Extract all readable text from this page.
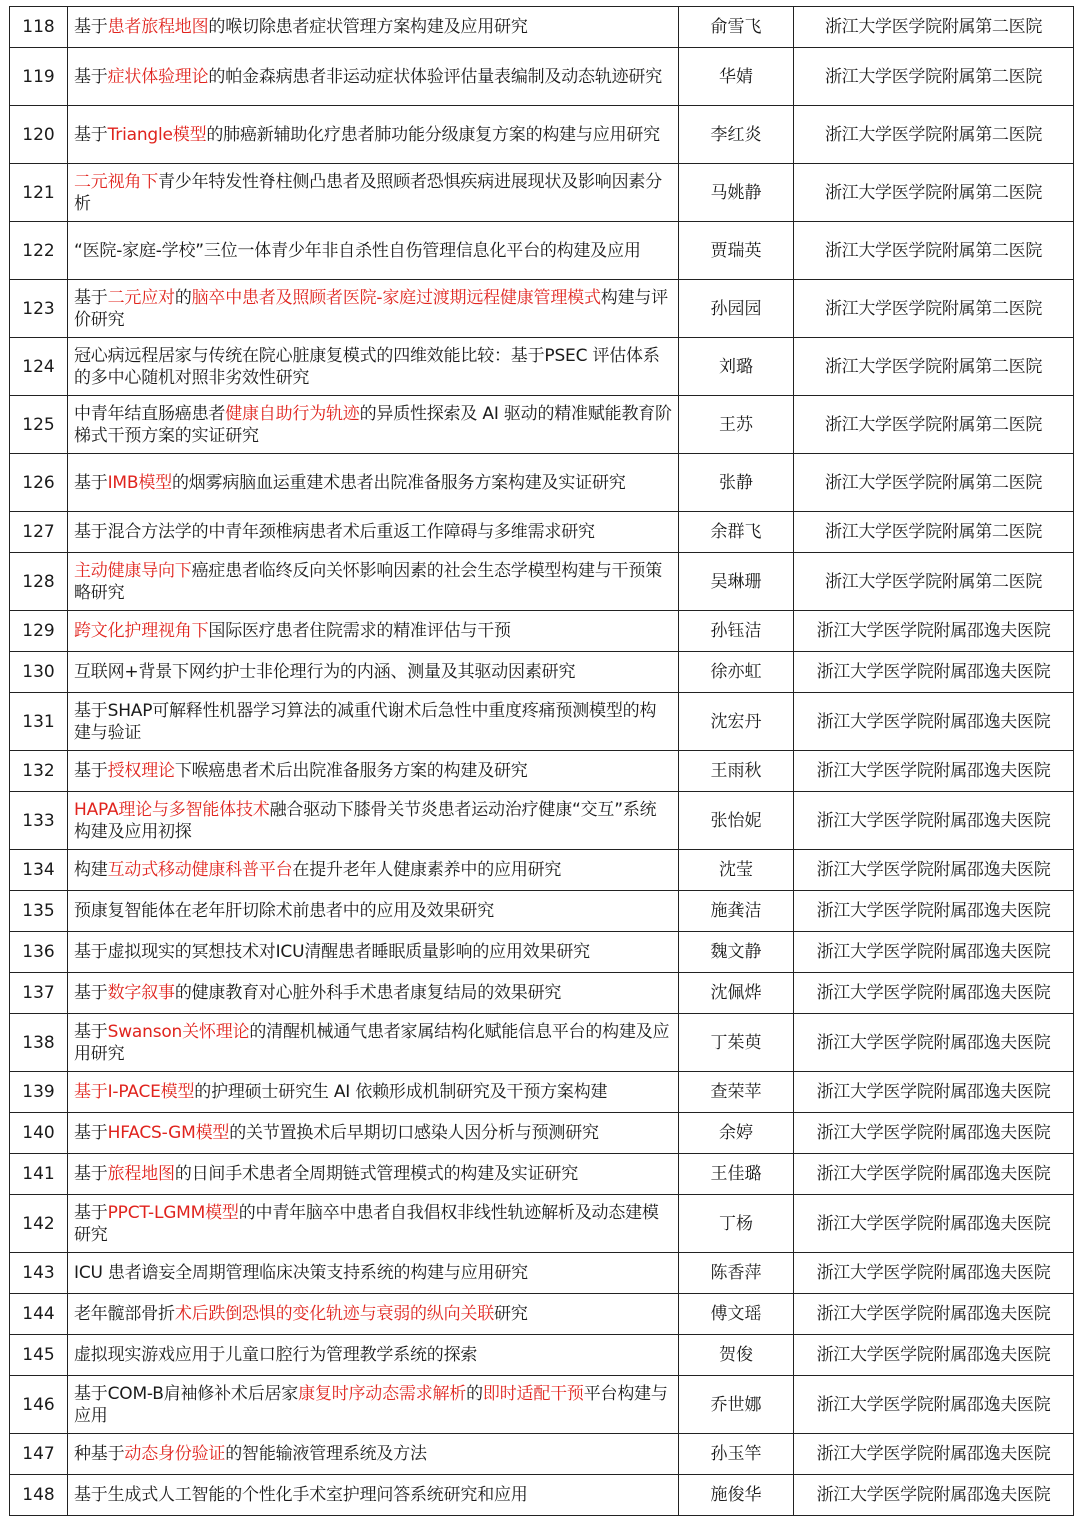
118	基于患者旅程地图的喉切除患者症状管理方案构建及应用研究	俞雪飞	浙江大学医学院附属第二医院
119	基于症状体验理论的帕金森病患者非运动症状体验评估量表编制及动态轨迹研究	华婧	浙江大学医学院附属第二医院
120	基于Triangle模型的肺癌新辅助化疗患者肺功能分级康复方案的构建与应用研究	李红炎	浙江大学医学院附属第二医院
121	二元视角下青少年特发性脊柱侧凸患者及照顾者恐惧疾病进展现状及影响因素分析	马姚静	浙江大学医学院附属第二医院
122	“医院-家庭-学校”三位一体青少年非自杀性自伤管理信息化平台的构建及应用	贾瑞英	浙江大学医学院附属第二医院
123	基于二元应对的脑卒中患者及照顾者医院-家庭过渡期远程健康管理模式构建与评价研究	孙园园	浙江大学医学院附属第二医院
124	冠心病远程居家与传统在院心脏康复模式的四维效能比较：基于PSEC 评估体系的多中心随机对照非劣效性研究	刘璐	浙江大学医学院附属第二医院
125	中青年结直肠癌患者健康自助行为轨迹的异质性探索及 AI 驱动的精准赋能教育阶梯式干预方案的实证研究	王苏	浙江大学医学院附属第二医院
126	基于IMB模型的烟雾病脑血运重建术患者出院准备服务方案构建及实证研究	张静	浙江大学医学院附属第二医院
127	基于混合方法学的中青年颈椎病患者术后重返工作障碍与多维需求研究	余群飞	浙江大学医学院附属第二医院
128	主动健康导向下癌症患者临终反向关怀影响因素的社会生态学模型构建与干预策略研究	吴琳珊	浙江大学医学院附属第二医院
129	跨文化护理视角下国际医疗患者住院需求的精准评估与干预	孙钰洁	浙江大学医学院附属邵逸夫医院
130	互联网+背景下网约护士非伦理行为的内涵、测量及其驱动因素研究	徐亦虹	浙江大学医学院附属邵逸夫医院
131	基于SHAP可解释性机器学习算法的减重代谢术后急性中重度疼痛预测模型的构建与验证	沈宏丹	浙江大学医学院附属邵逸夫医院
132	基于授权理论下喉癌患者术后出院准备服务方案的构建及研究	王雨秋	浙江大学医学院附属邵逸夫医院
133	HAPA理论与多智能体技术融合驱动下膝骨关节炎患者运动治疗健康“交互”系统构建及应用初探	张怡妮	浙江大学医学院附属邵逸夫医院
134	构建互动式移动健康科普平台在提升老年人健康素养中的应用研究	沈莹	浙江大学医学院附属邵逸夫医院
135	预康复智能体在老年肝切除术前患者中的应用及效果研究	施龚洁	浙江大学医学院附属邵逸夫医院
136	基于虚拟现实的冥想技术对ICU清醒患者睡眠质量影响的应用效果研究	魏文静	浙江大学医学院附属邵逸夫医院
137	基于数字叙事的健康教育对心脏外科手术患者康复结局的效果研究	沈佩烨	浙江大学医学院附属邵逸夫医院
138	基于Swanson关怀理论的清醒机械通气患者家属结构化赋能信息平台的构建及应用研究	丁茱萸	浙江大学医学院附属邵逸夫医院
139	基于I-PACE模型的护理硕士研究生 AI 依赖形成机制研究及干预方案构建	查荣苹	浙江大学医学院附属邵逸夫医院
140	基于HFACS-GM模型的关节置换术后早期切口感染人因分析与预测研究	余婷	浙江大学医学院附属邵逸夫医院
141	基于旅程地图的日间手术患者全周期链式管理模式的构建及实证研究	王佳璐	浙江大学医学院附属邵逸夫医院
142	基于PPCT-LGMM模型的中青年脑卒中患者自我倡权非线性轨迹解析及动态建模研究	丁杨	浙江大学医学院附属邵逸夫医院
143	ICU 患者谵妄全周期管理临床决策支持系统的构建与应用研究	陈香萍	浙江大学医学院附属邵逸夫医院
144	老年髋部骨折术后跌倒恐惧的变化轨迹与衰弱的纵向关联研究	傅文瑶	浙江大学医学院附属邵逸夫医院
145	虚拟现实游戏应用于儿童口腔行为管理教学系统的探索	贺俊	浙江大学医学院附属邵逸夫医院
146	基于COM-B肩袖修补术后居家康复时序动态需求解析的即时适配干预平台构建与应用	乔世娜	浙江大学医学院附属邵逸夫医院
147	种基于动态身份验证的智能输液管理系统及方法	孙玉竿	浙江大学医学院附属邵逸夫医院
148	基于生成式人工智能的个性化手术室护理问答系统研究和应用	施俊华	浙江大学医学院附属邵逸夫医院
